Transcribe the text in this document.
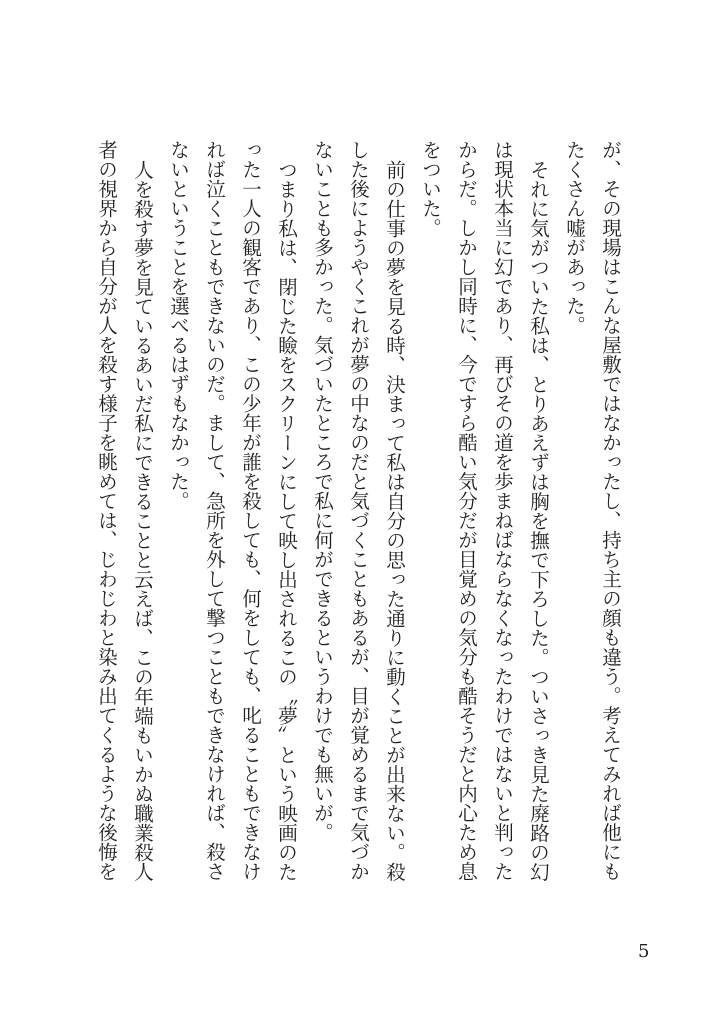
が、その現場はこんな屋敷ではなかったし、持ち主の顔も違う。考えてみれば他にもたくさん嘘があった。

それに気がついた私は、とりあえずは胸を撫で下ろした。ついさっき見た廃路の幻は現状本当に幻であり、再びその道を歩まねばならなくなったわけではないと判ったからだ。しかし同時に、今ですら酷い気分だが目覚めの気分も酷そうだと内心ため息をついた。

前の仕事の夢を見る時、決まって私は自分の思った通りに動くことが出来ない。殺した後にようやくこれが夢の中なのだと気づくこともあるが、目が覚めるまで気づかないことも多かった。気づいたところで私に何ができるというわけでも無いが。

つまり私は、閉じた瞼をスクリーンにして映し出されるこの〝夢〟という映画のたった一人の観客であり、この少年が誰を殺しても、何をしても、叱ることもできなければ泣くこともできないのだ。まして、急所を外して撃つこともできなければ、殺さないということを選べるはずもなかった。

人を殺す夢を見ているあいだ私にできることと云えば、この年端もいかぬ職業殺人者の視界から自分が人を殺す様子を眺めては、じわじわと染み出てくるような後悔を

5
